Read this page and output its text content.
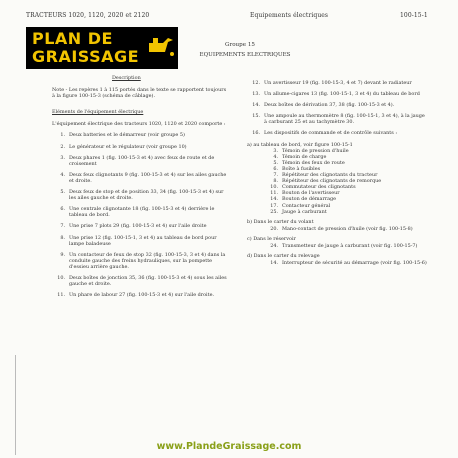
TRACTEURS 1020, 1120, 2020 et 2120	Equipements électriques	100-15-1
PLAN DE
GRAISSAGE
Groupe 15
EQUIPEMENTS ELECTRIQUES

Description

Note - Les repères 1 à 115 portés dans le texte se rapportent toujours à la figure 100-15-3 (schéma de câblage).

Eléments de l'équipement électrique

L'équipement électrique des tracteurs 1020, 1120 et 2020 comporte :

1. Deux batteries et le démarreur (voir groupe 5)

2. Le générateur et le régulateur (voir groupe 10)

3. Deux phares 1 (fig. 100-15-3 et 4) avec feux de route et de croisement

4. Deux feux clignotants 9 (fig. 100-15-3 et 4) sur les ailes gauche et droite.

5. Deux feux de stop et de position 33, 34 (fig. 100-15-3 et 4) sur les ailes gauche et droite.

6. Une centrale clignotante 18 (fig. 100-15-3 et 4) derrière le tableau de bord.

7. Une prise 7 plots 29 (fig. 100-15-3 et 4) sur l'aile droite

8. Une prise 12 (fig. 100-15-1, 3 et 4) au tableau de bord pour lampe baladeuse

9. Un contacteur de feux de stop 32 (fig. 100-15-3, 3 et 4) dans la conduite gauche des freins hydrauliques, sur la pompette d'essieu arrière gauche.

10. Deux boîtes de jonction 35, 36 (fig. 100-15-3 et 4) sous les ailes gauche et droite.

11. Un phare de labour 27 (fig. 100-15-3 et 4) sur l'aile droite.

12. Un avertisseur 19 (fig. 100-15-3, 4 et 7) devant le radiateur

13. Un allume-cigares 13 (fig. 100-15-1, 3 et 4) du tableau de bord

14. Deux boîtes de dérivation 37, 38 (fig. 100-15-3 et 4).

15. Une ampoule au thermomètre 8 (fig. 100-15-1, 3 et 4), à la jauge à carburant 25 et au tachymètre 30.

16. Les dispositifs de commande et de contrôle suivants :

a) au tableau de bord, voir figure 100-15-1

3. Témoin de pression d'huile

4. Témoin de charge

5. Témoin des feux de route

6. Boîte à fusibles

7. Répétiteur des clignotants du tracteur

8. Répétiteur des clignotants de remorque

10. Commutateur des clignotants

11. Bouton de l'avertisseur

14. Bouton de démarrage

17. Contacteur général

25. Jauge à carburant

b) Dans le carter du volant

20. Mano-contact de pression d'huile (voir fig. 100-15-8)

c) Dans le réservoir

24. Transmetteur de jauge à carburant (voir fig. 100-15-7)

d) Dans le carter du relevage

14. Interrupteur de sécurité au démarrage (voir fig. 100-15-6)

www.PlandeGraissage.com
